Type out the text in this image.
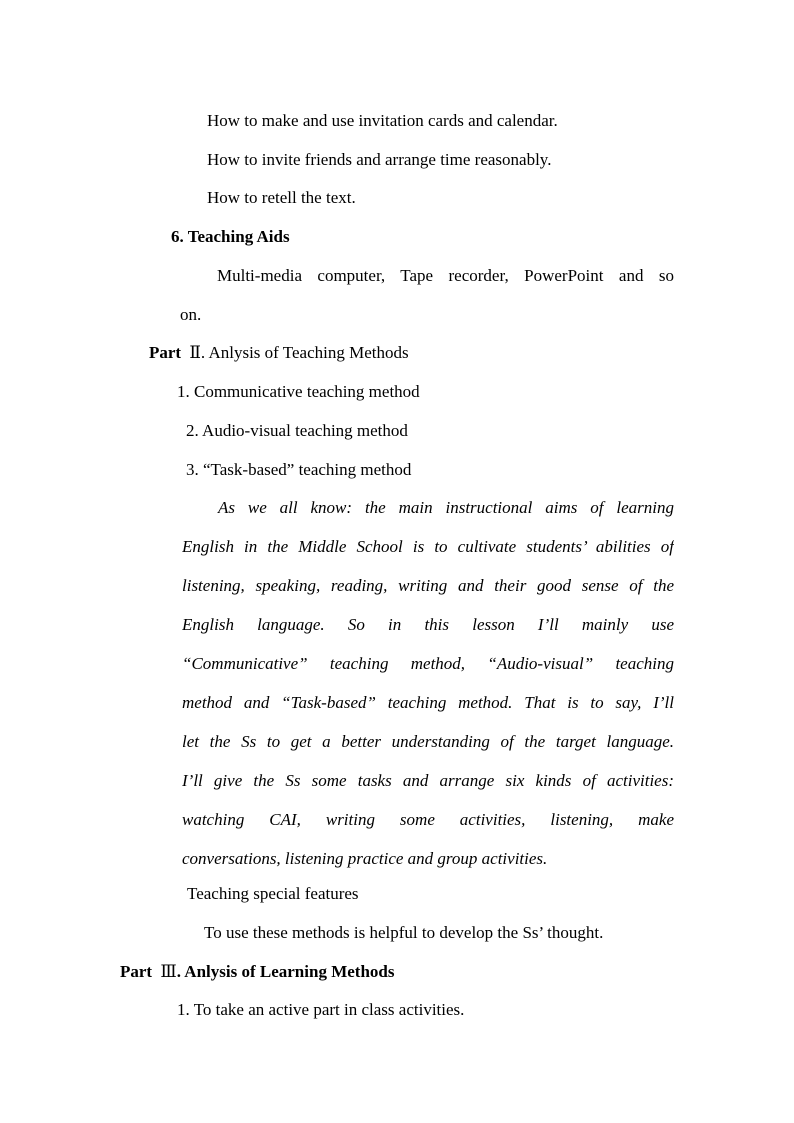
How to make and use invitation cards and calendar.
How to invite friends and arrange time reasonably.
How to retell the text.
6. Teaching Aids
Multi-media computer, Tape recorder, PowerPoint and so
on.
Part Ⅱ. Anlysis of Teaching Methods
1. Communicative teaching method
2. Audio-visual teaching method
3. “Task-based” teaching method
As we all know: the main instructional aims of learning
English in the Middle School is to cultivate students’ abilities of
listening, speaking, reading, writing and their good sense of the
English language. So in this lesson I’ll mainly use
“Communicative” teaching method, “Audio-visual” teaching
method and “Task-based” teaching method. That is to say, I’ll
let the Ss to get a better understanding of the target language.
I’ll give the Ss some tasks and arrange six kinds of activities:
watching CAI, writing some activities, listening, make
conversations, listening practice and group activities.
Teaching special features
To use these methods is helpful to develop the Ss’ thought.
Part Ⅲ. Anlysis of Learning Methods
1. To take an active part in class activities.
